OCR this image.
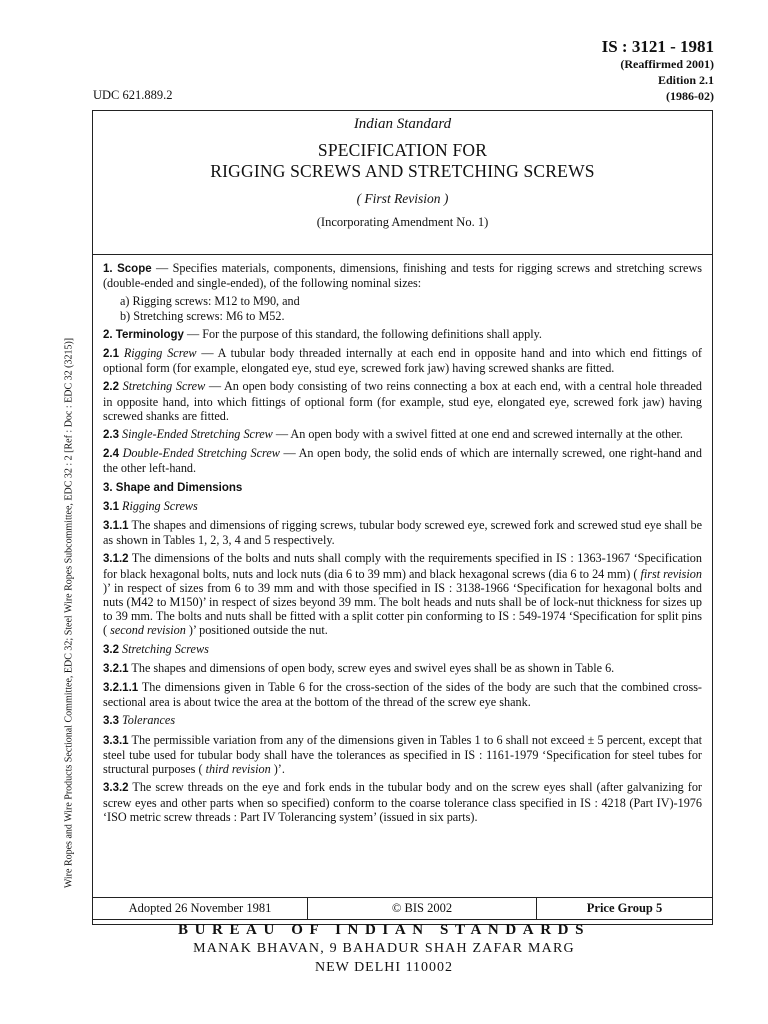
IS : 3121 - 1981
(Reaffirmed 2001)
Edition 2.1
(1986-02)
UDC 621.889.2
Wire Ropes and Wire Products Sectional Committee, EDC 32; Steel Wire Ropes Subcommittee, EDC 32 : 2 [Ref : Doc : EDC 32 (3215)]
Indian Standard
SPECIFICATION FOR
RIGGING SCREWS AND STRETCHING SCREWS
( First Revision )
(Incorporating Amendment No. 1)

1. Scope — Specifies materials, components, dimensions, finishing and tests for rigging screws and stretching screws (double-ended and single-ended), of the following nominal sizes:

a) Rigging screws: M12 to M90, and

b) Stretching screws: M6 to M52.

2. Terminology — For the purpose of this standard, the following definitions shall apply.

2.1 Rigging Screw — A tubular body threaded internally at each end in opposite hand and into which end fittings of optional form (for example, elongated eye, stud eye, screwed fork jaw) having screwed shanks are fitted.

2.2 Stretching Screw — An open body consisting of two reins connecting a box at each end, with a central hole threaded in opposite hand, into which fittings of optional form (for example, stud eye, elongated eye, screwed fork jaw) having screwed shanks are fitted.

2.3 Single-Ended Stretching Screw — An open body with a swivel fitted at one end and screwed internally at the other.

2.4 Double-Ended Stretching Screw — An open body, the solid ends of which are internally screwed, one right-hand and the other left-hand.

3. Shape and Dimensions

3.1 Rigging Screws

3.1.1 The shapes and dimensions of rigging screws, tubular body screwed eye, screwed fork and screwed stud eye shall be as shown in Tables 1, 2, 3, 4 and 5 respectively.

3.1.2 The dimensions of the bolts and nuts shall comply with the requirements specified in IS : 1363-1967 ‘Specification for black hexagonal bolts, nuts and lock nuts (dia 6 to 39 mm) and black hexagonal screws (dia 6 to 24 mm) ( first revision )’ in respect of sizes from 6 to 39 mm and with those specified in IS : 3138-1966 ‘Specification for hexagonal bolts and nuts (M42 to M150)’ in respect of sizes beyond 39 mm. The bolt heads and nuts shall be of lock-nut thickness for sizes up to 39 mm. The bolts and nuts shall be fitted with a split cotter pin conforming to IS : 549-1974 ‘Specification for split pins ( second revision )’ positioned outside the nut.

3.2 Stretching Screws

3.2.1 The shapes and dimensions of open body, screw eyes and swivel eyes shall be as shown in Table 6.

3.2.1.1 The dimensions given in Table 6 for the cross-section of the sides of the body are such that the combined cross-sectional area is about twice the area at the bottom of the thread of the screw eye shank.

3.3 Tolerances

3.3.1 The permissible variation from any of the dimensions given in Tables 1 to 6 shall not exceed ± 5 percent, except that steel tube used for tubular body shall have the tolerances as specified in IS : 1161-1979 ‘Specification for steel tubes for structural purposes ( third revision )’.

3.3.2 The screw threads on the eye and fork ends in the tubular body and on the screw eyes shall (after galvanizing for screw eyes and other parts when so specified) conform to the coarse tolerance class specified in IS : 4218 (Part IV)-1976 ‘ISO metric screw threads : Part IV Tolerancing system’ (issued in six parts).

Adopted 26 November 1981	© BIS 2002	Price Group 5
BUREAU OF INDIAN STANDARDS
MANAK BHAVAN, 9 BAHADUR SHAH ZAFAR MARG
NEW DELHI 110002
